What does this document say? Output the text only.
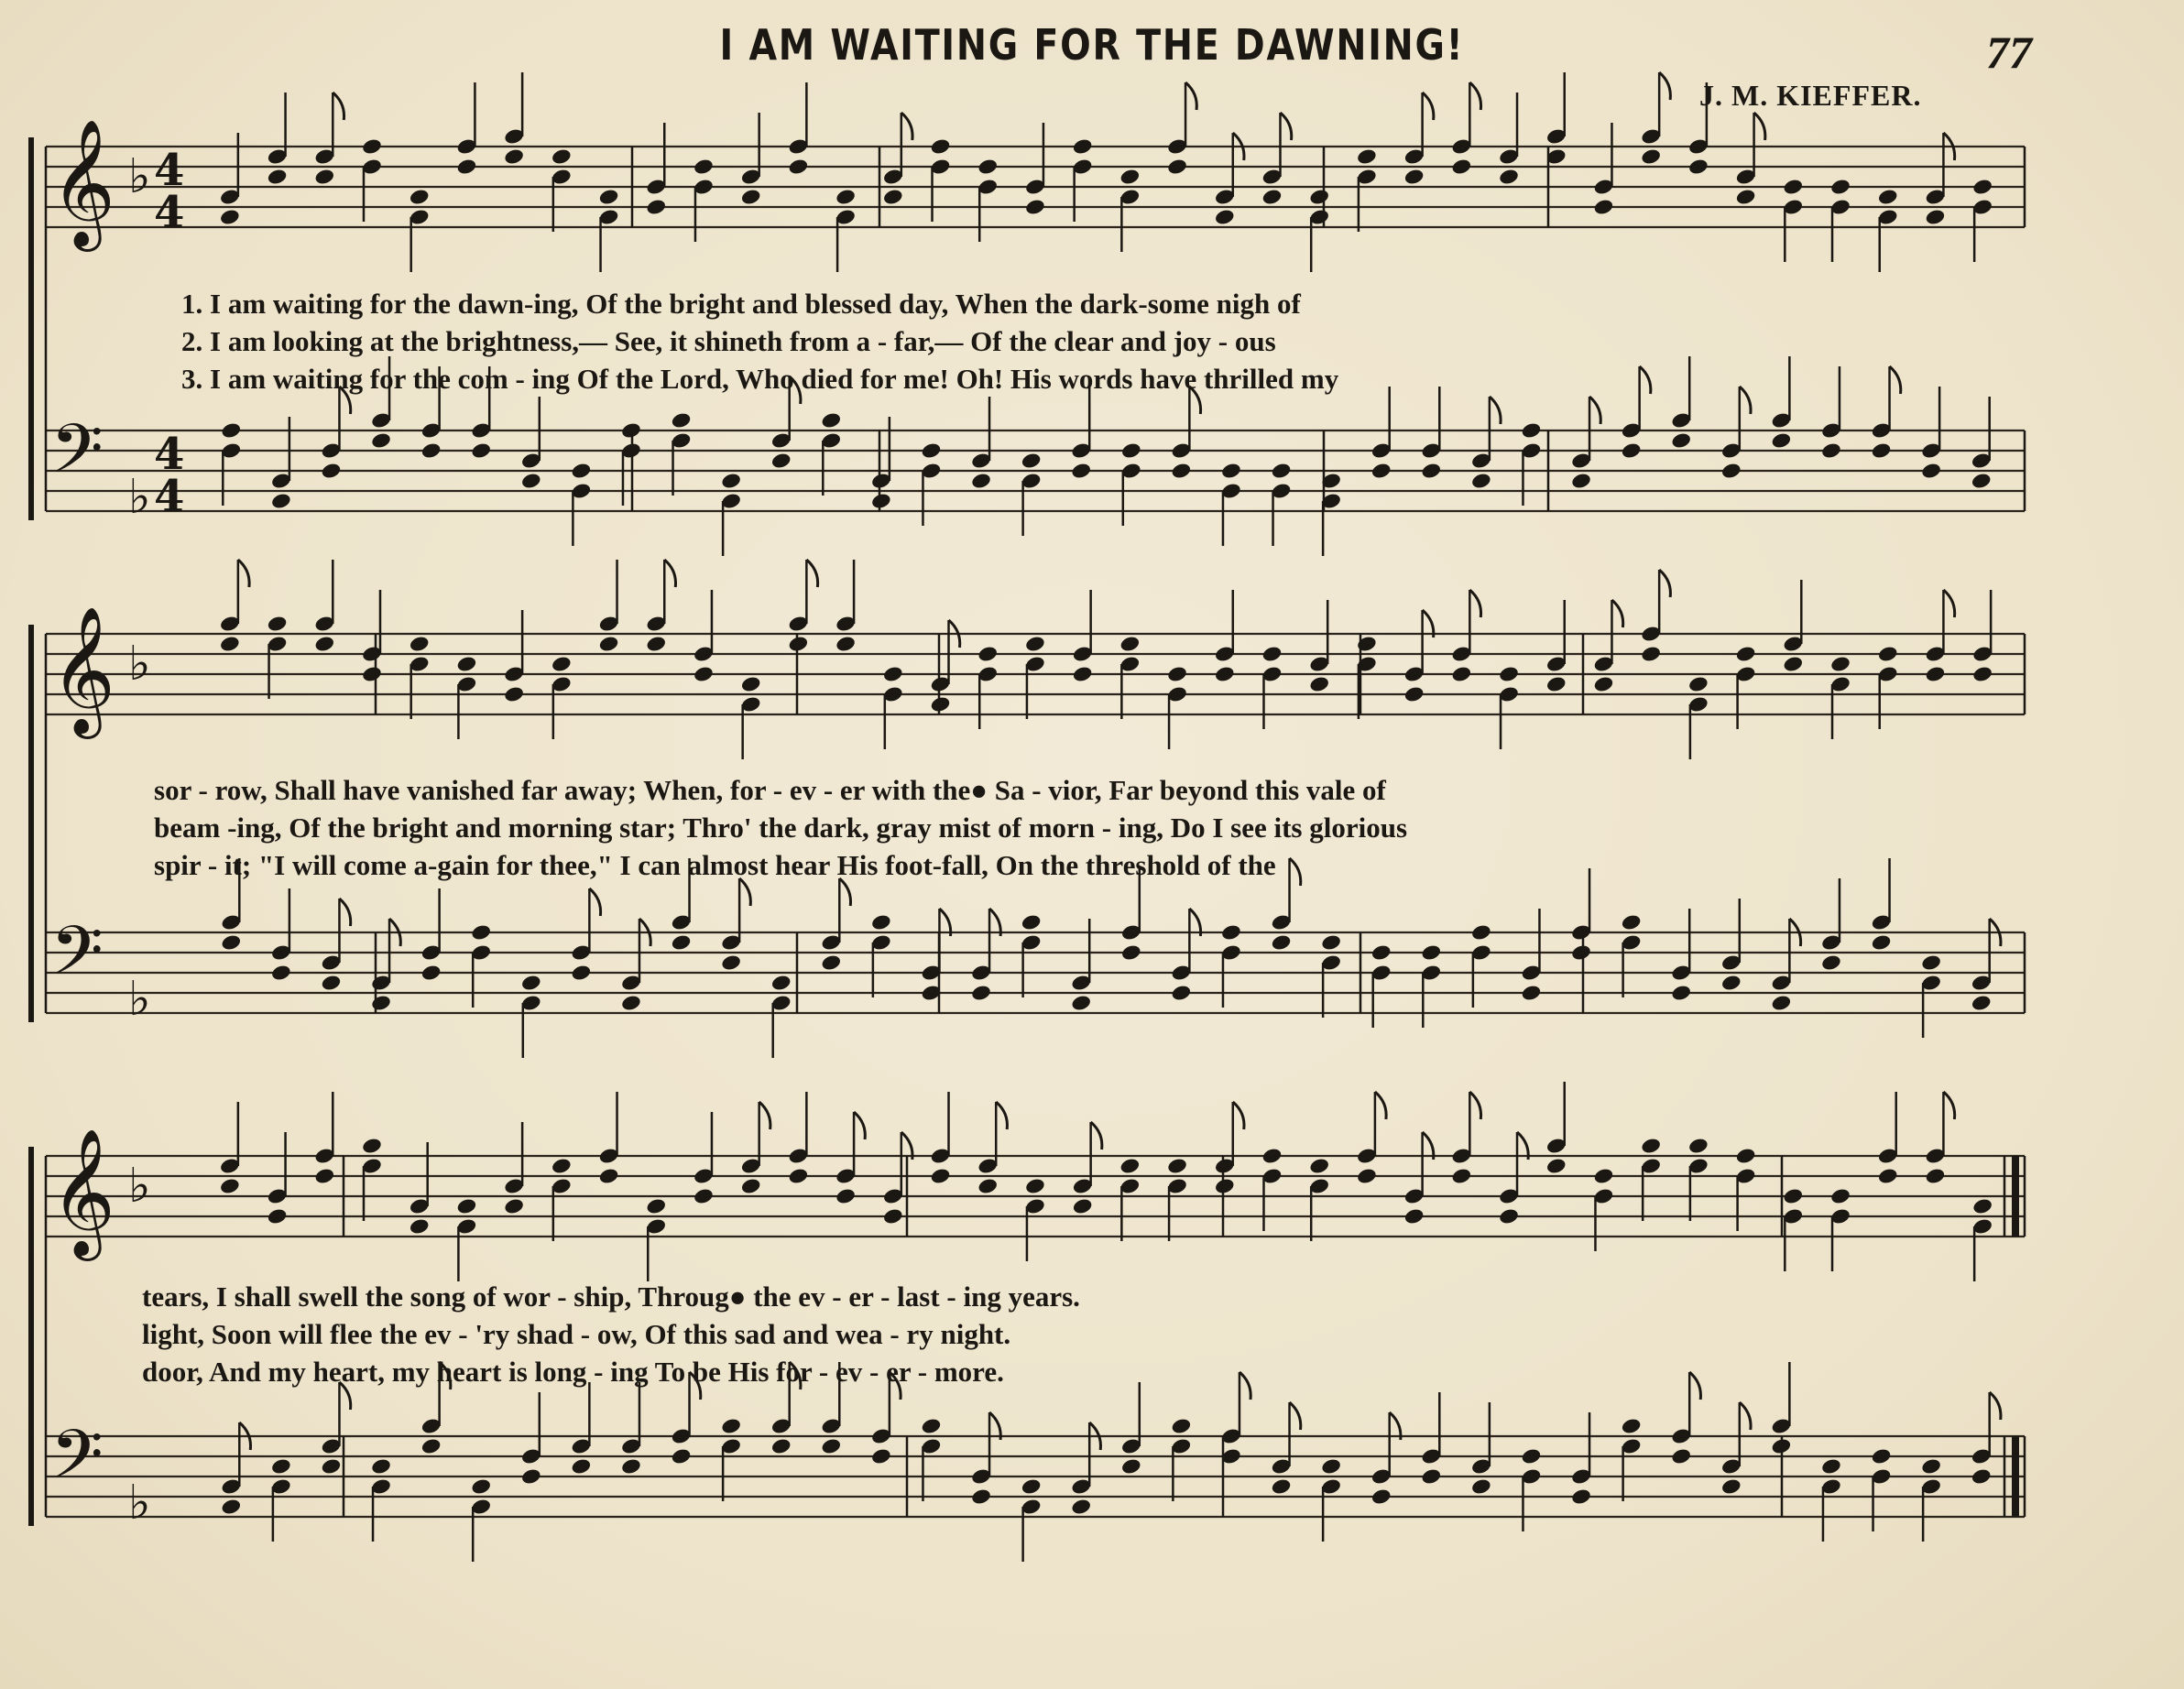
I AM WAITING FOR THE DAWNING!	77
J. M. KIEFFER.
𝄞
𝄢
♭
♭
4
4
4
4
𝄞
𝄢
♭
♭
𝄞
𝄢
♭
♭
1. I am waiting for the dawn-ing, Of the bright and blessed day, When the dark-some nigh of
2. I am looking at the brightness,— See, it shineth from a - far,— Of the clear and joy - ous
3. I am waiting for the com - ing Of the Lord, Who died for me! Oh! His words have thrilled my
sor - row, Shall have vanished far away; When, for - ev - er with the● Sa - vior, Far beyond this vale of
beam -ing, Of the bright and morning star; Thro' the dark, gray mist of morn - ing, Do I see its glorious
spir - it; "I will come a-gain for thee," I can almost hear His foot-fall, On the threshold of the
tears, I shall swell the song of wor - ship, Throug● the ev - er - last - ing years.
light, Soon will flee the ev - 'ry shad - ow, Of this sad and wea - ry night.
door, And my heart, my heart is long - ing To be His for - ev - er - more.
